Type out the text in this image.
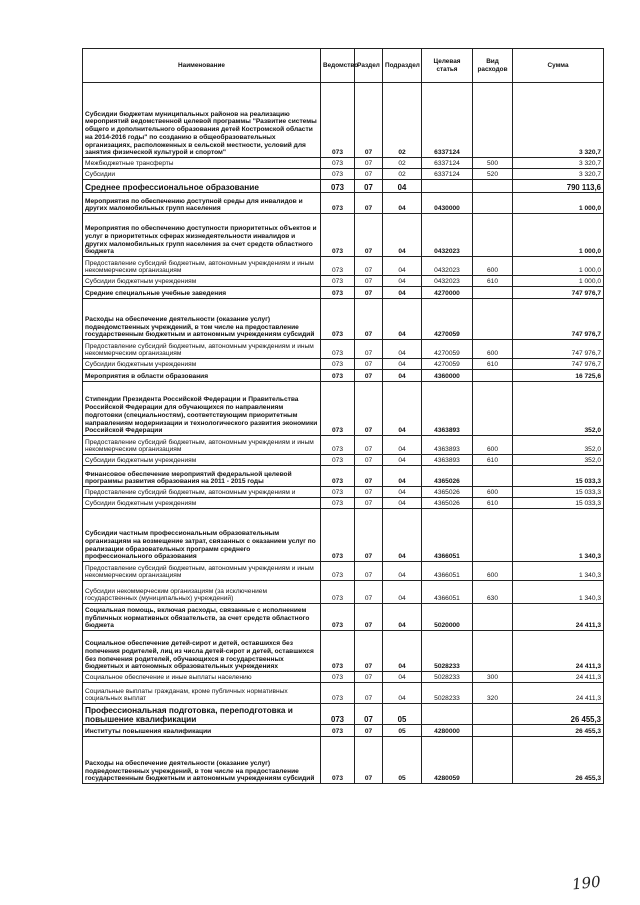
Наименование	Ведомство	Раздел	Подраздел	Целевая статья	Вид расходов	Сумма
Субсидии бюджетам муниципальных районов на реализацию мероприятий ведомственной целевой программы "Развитие системы общего и дополнительного образования детей Костромской области на 2014-2016 годы" по созданию в общеобразовательных организациях, расположенных в сельской местности, условий для занятия физической культурой и спортом"	073	07	02	6337124		3 320,7
Межбюджетные трансферты	073	07	02	6337124	500	3 320,7
Субсидии	073	07	02	6337124	520	3 320,7
Среднее профессиональное образование	073	07	04			790 113,6
Мероприятия по обеспечению доступной среды для инвалидов и других маломобильных групп населения	073	07	04	0430000		1 000,0
Мероприятия по обеспечению доступности приоритетных объектов и услуг в приоритетных сферах жизнедеятельности инвалидов и других маломобильных групп населения за счет средств областного бюджета	073	07	04	0432023		1 000,0
Предоставление субсидий бюджетным, автономным учреждениям и иным некоммерческим организациям	073	07	04	0432023	600	1 000,0
Субсидии бюджетным учреждениям	073	07	04	0432023	610	1 000,0
Средние специальные учебные заведения	073	07	04	4270000		747 976,7
Расходы на обеспечение деятельности (оказание услуг) подведомственных учреждений, в том числе на предоставление государственным бюджетным и автономным учреждениям субсидий	073	07	04	4270059		747 976,7
Предоставление субсидий бюджетным, автономным учреждениям и иным некоммерческим организациям	073	07	04	4270059	600	747 976,7
Субсидии бюджетным учреждениям	073	07	04	4270059	610	747 976,7
Мероприятия в области образования	073	07	04	4360000		16 725,6
Стипендии Президента Российской Федерации и Правительства Российской Федерации для обучающихся по направлениям подготовки (специальностям), соответствующим приоритетным направлениям модернизации и технологического развития экономики Российской Федерации	073	07	04	4363893		352,0
Предоставление субсидий бюджетным, автономным учреждениям и иным некоммерческим организациям	073	07	04	4363893	600	352,0
Субсидии бюджетным учреждениям	073	07	04	4363893	610	352,0
Финансовое обеспечение мероприятий федеральной целевой программы развития образования на 2011 - 2015 годы	073	07	04	4365026		15 033,3
Предоставление субсидий бюджетным, автономным учреждениям и	073	07	04	4365026	600	15 033,3
Субсидии бюджетным учреждениям	073	07	04	4365026	610	15 033,3
Субсидии частным профессиональным образовательным организациям на возмещение затрат, связанных с оказанием услуг по реализации образовательных программ среднего профессионального образования	073	07	04	4366051		1 340,3
Предоставление субсидий бюджетным, автономным учреждениям и иным некоммерческим организациям	073	07	04	4366051	600	1 340,3
Субсидии некоммерческим организациям (за исключением государственных (муниципальных) учреждений)	073	07	04	4366051	630	1 340,3
Социальная помощь, включая расходы, связанные с исполнением публичных нормативных обязательств, за счет средств областного бюджета	073	07	04	5020000		24 411,3
Социальное обеспечение детей-сирот и детей, оставшихся без попечения родителей, лиц из числа детей-сирот и детей, оставшихся без попечения родителей, обучающихся в государственных бюджетных и автономных образовательных учреждениях	073	07	04	5028233		24 411,3
Социальное обеспечение и иные выплаты населению	073	07	04	5028233	300	24 411,3
Социальные выплаты гражданам, кроме публичных нормативных социальных выплат	073	07	04	5028233	320	24 411,3
Профессиональная подготовка, переподготовка и повышение квалификации	073	07	05			26 455,3
Институты повышения квалификации	073	07	05	4280000		26 455,3
Расходы на обеспечение деятельности (оказание услуг) подведомственных учреждений, в том числе на предоставление государственным бюджетным и автономным учреждениям субсидий	073	07	05	4280059		26 455,3
190
